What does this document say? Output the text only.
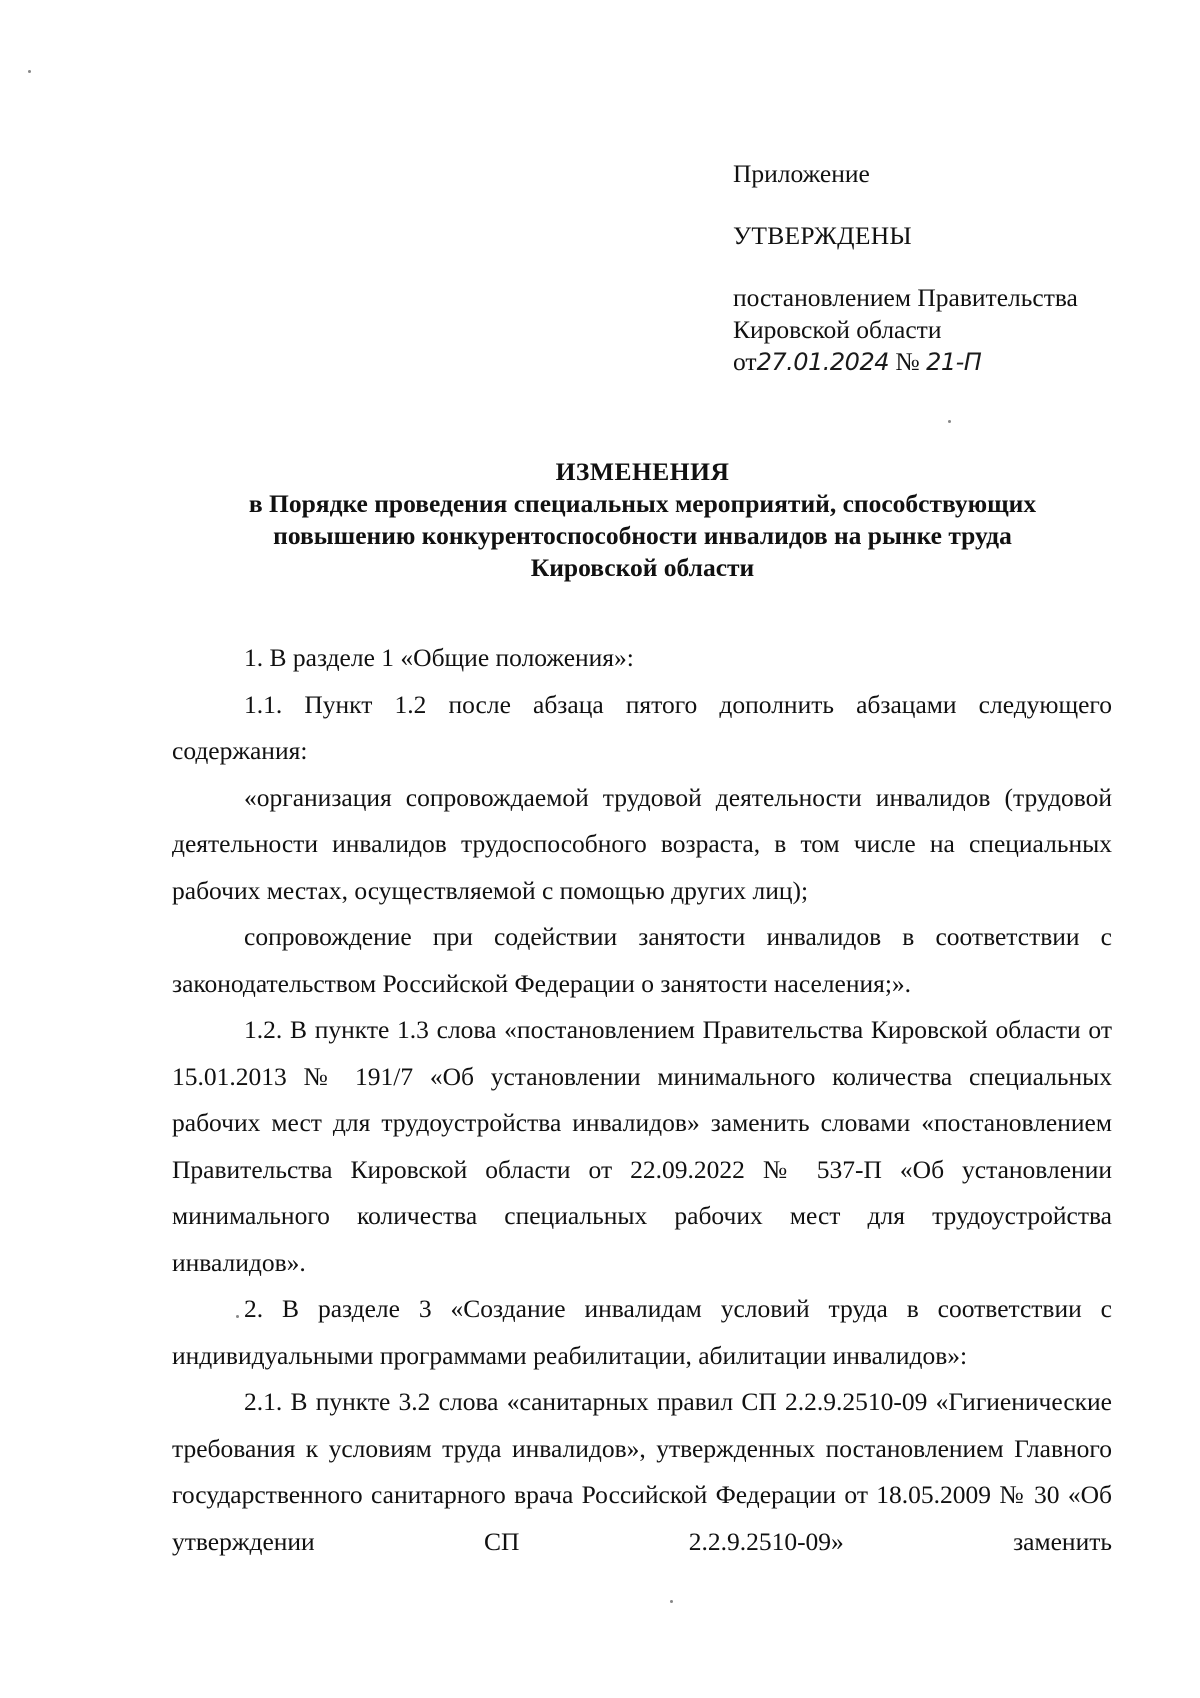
Приложение

УТВЕРЖДЕНЫ

постановлением Правительства

Кировской области

от27.01.2024 № 21-П

ИЗМЕНЕНИЯ

в Порядке проведения специальных мероприятий, способствующих

повышению конкурентоспособности инвалидов на рынке труда

Кировской области

1. В разделе 1 «Общие положения»:

1.1. Пункт 1.2 после абзаца пятого дополнить абзацами следующего содержания:

«организация сопровождаемой трудовой деятельности инвалидов (трудовой деятельности инвалидов трудоспособного возраста, в том числе на специальных рабочих местах, осуществляемой с помощью других лиц);

сопровождение при содействии занятости инвалидов в соответствии с законодательством Российской Федерации о занятости населения;».

1.2. В пункте 1.3 слова «постановлением Правительства Кировской области от 15.01.2013 № 191/7 «Об установлении минимального количества специальных рабочих мест для трудоустройства инвалидов» заменить словами «постановлением Правительства Кировской области от 22.09.2022 № 537-П «Об установлении минимального количества специальных рабочих мест для трудоустройства инвалидов».

2. В разделе 3 «Создание инвалидам условий труда в соответствии с индивидуальными программами реабилитации, абилитации инвалидов»:

2.1. В пункте 3.2 слова «санитарных правил СП 2.2.9.2510-09 «Гигиенические требования к условиям труда инвалидов», утвержденных постановлением Главного государственного санитарного врача Российской Федерации от 18.05.2009 № 30 «Об утверждении СП 2.2.9.2510-09» заменить
